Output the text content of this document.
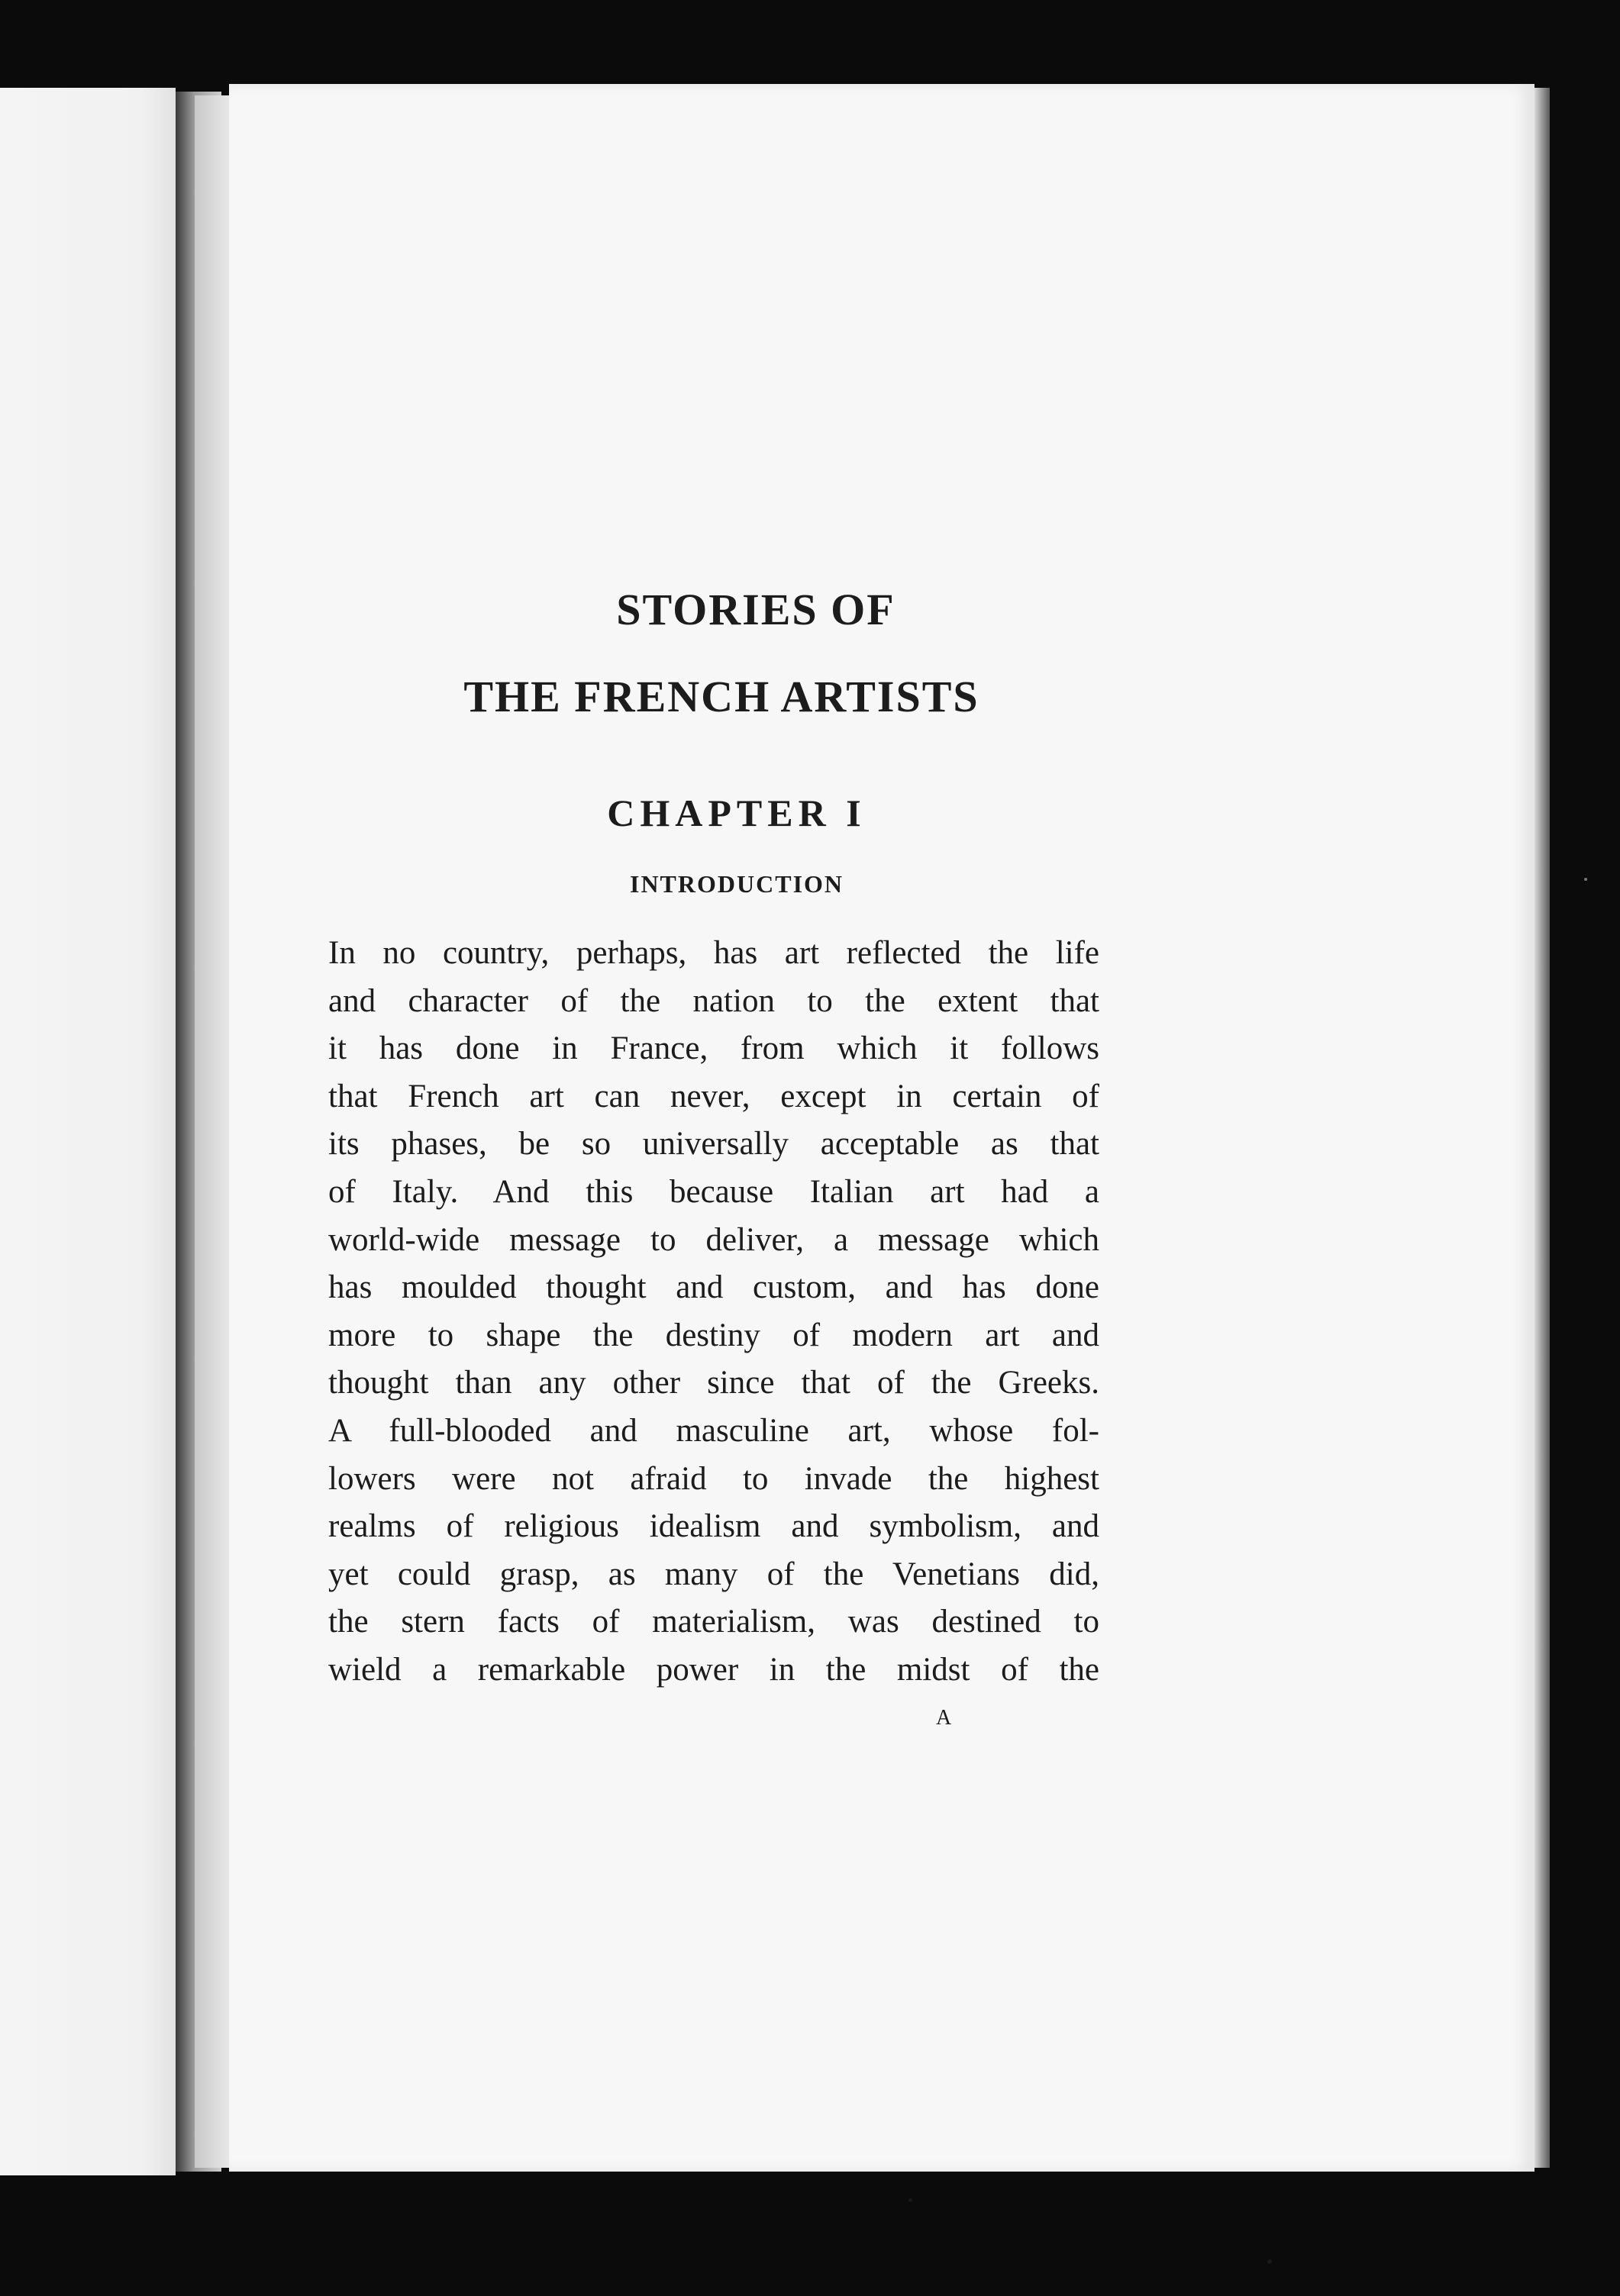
STORIES OF
THE FRENCH ARTISTS
CHAPTER I
INTRODUCTION
In no country, perhaps, has art reflected the life
and character of the nation to the extent that
it has done in France, from which it follows
that French art can never, except in certain of
its phases, be so universally acceptable as that
of Italy. And this because Italian art had a
world-wide message to deliver, a message which
has moulded thought and custom, and has done
more to shape the destiny of modern art and
thought than any other since that of the Greeks.
A full-blooded and masculine art, whose fol-
lowers were not afraid to invade the highest
realms of religious idealism and symbolism, and
yet could grasp, as many of the Venetians did,
the stern facts of materialism, was destined to
wield a remarkable power in the midst of the
A
